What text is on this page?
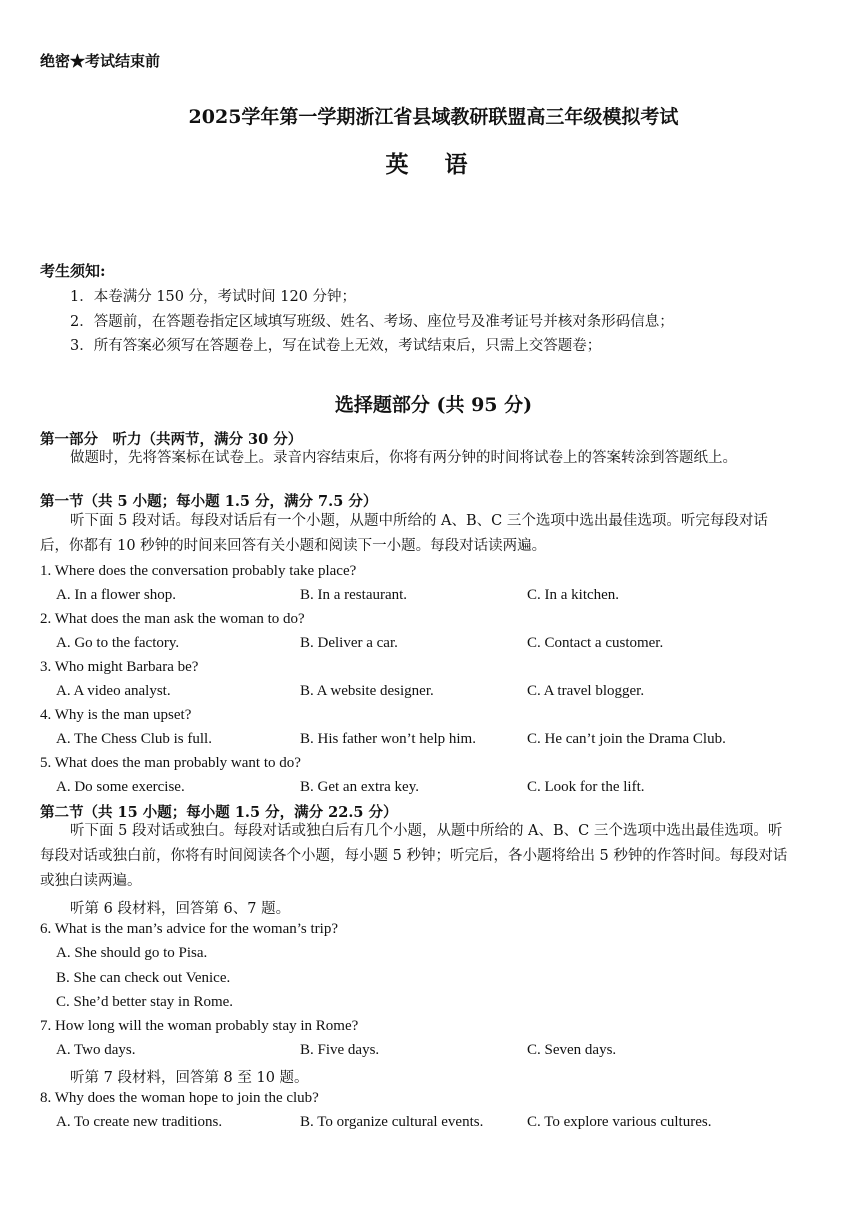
绝密★考试结束前
2025学年第一学期浙江省县域教研联盟高三年级模拟考试
英 语
考生须知:
1．本卷满分 150 分，考试时间 120 分钟；
2．答题前，在答题卷指定区域填写班级、姓名、考场、座位号及准考证号并核对条形码信息；
3．所有答案必须写在答题卷上，写在试卷上无效，考试结束后，只需上交答题卷；
选择题部分 (共 95 分)
第一部分　听力（共两节，满分 30 分）
做题时，先将答案标在试卷上。录音内容结束后，你将有两分钟的时间将试卷上的答案转涂到答题纸上。
第一节（共 5 小题；每小题 1.5 分，满分 7.5 分）
听下面 5 段对话。每段对话后有一个小题，从题中所给的 A、B、C 三个选项中选出最佳选项。听完每段对话后，你都有 10 秒钟的时间来回答有关小题和阅读下一小题。每段对话读两遍。
1. Where does the conversation probably take place?
A. In a flower shop.	B. In a restaurant.	C. In a kitchen.
2. What does the man ask the woman to do?
A. Go to the factory.	B. Deliver a car.	C. Contact a customer.
3. Who might Barbara be?
A. A video analyst.	B. A website designer.	C. A travel blogger.
4. Why is the man upset?
A. The Chess Club is full.	B. His father won’t help him.	C. He can’t join the Drama Club.
5. What does the man probably want to do?
A. Do some exercise.	B. Get an extra key.	C. Look for the lift.
第二节（共 15 小题；每小题 1.5 分，满分 22.5 分）
听下面 5 段对话或独白。每段对话或独白后有几个小题，从题中所给的 A、B、C 三个选项中选出最佳选项。听每段对话或独白前，你将有时间阅读各个小题，每小题 5 秒钟；听完后，各小题将给出 5 秒钟的作答时间。每段对话或独白读两遍。
听第 6 段材料，回答第 6、7 题。
6. What is the man’s advice for the woman’s trip?
A. She should go to Pisa.
B. She can check out Venice.
C. She’d better stay in Rome.
7. How long will the woman probably stay in Rome?
A. Two days.	B. Five days.	C. Seven days.
听第 7 段材料，回答第 8 至 10 题。
8. Why does the woman hope to join the club?
A. To create new traditions.	B. To organize cultural events.	C. To explore various cultures.
